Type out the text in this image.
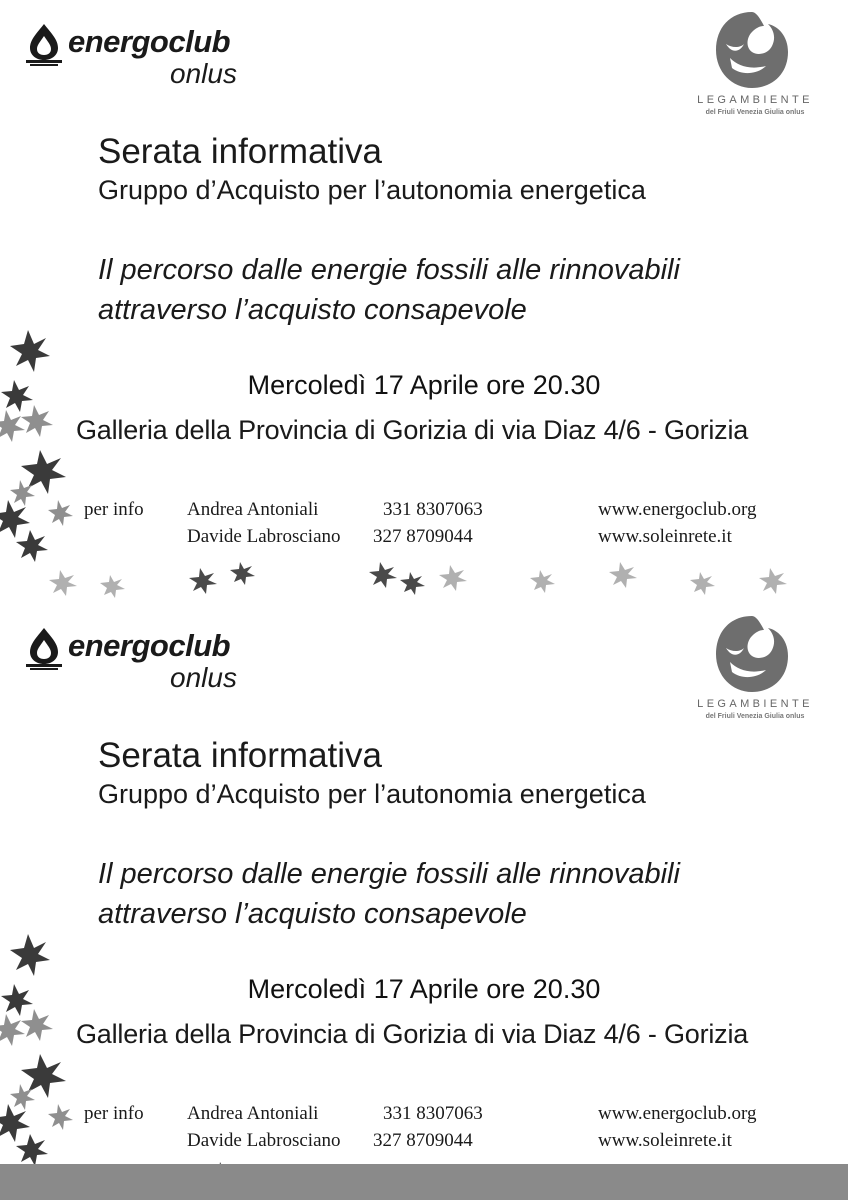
energoclub
onlus
LEGAMBIENTE
del Friuli Venezia Giulia onlus
Serata informativa
Gruppo d’Acquisto per l’autonomia energetica
Il percorso dalle energie fossili alle rinnovabili
attraverso l’acquisto consapevole
Mercoledì 17 Aprile ore 20.30
Galleria della Provincia di Gorizia di via Diaz 4/6 - Gorizia
per info Andrea Antoniali
Davide Labrosciano
331 8307063
327 8709044
www.energoclub.org
www.soleinrete.it
energoclub
onlus
LEGAMBIENTE
del Friuli Venezia Giulia onlus
Serata informativa
Gruppo d’Acquisto per l’autonomia energetica
Il percorso dalle energie fossili alle rinnovabili
attraverso l’acquisto consapevole
Mercoledì 17 Aprile ore 20.30
Galleria della Provincia di Gorizia di via Diaz 4/6 - Gorizia
per info Andrea Antoniali
Davide Labrosciano
331 8307063
327 8709044
www.energoclub.org
www.soleinrete.it
